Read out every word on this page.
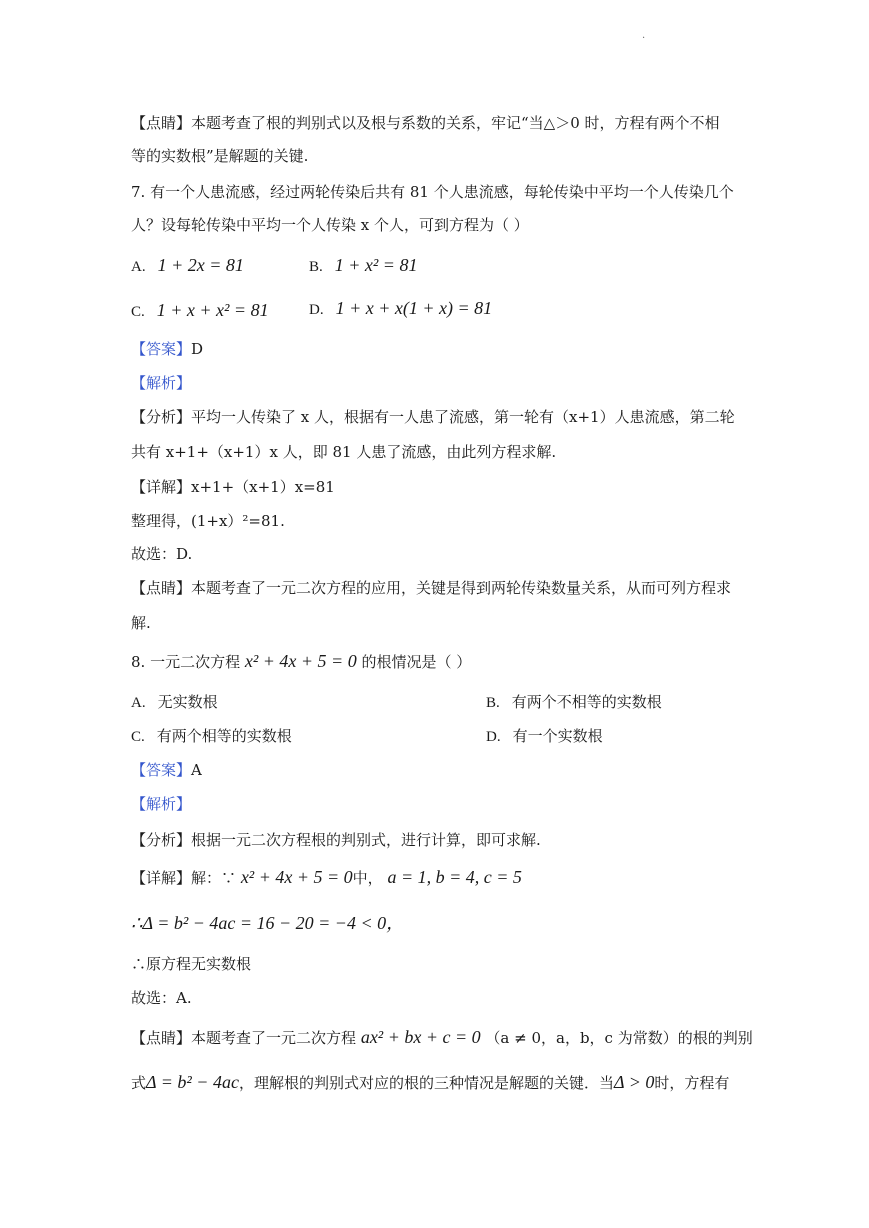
.
【点睛】本题考查了根的判别式以及根与系数的关系，牢记“当△＞0 时，方程有两个不相
等的实数根”是解题的关键.
7. 有一个人患流感，经过两轮传染后共有 81 个人患流感，每轮传染中平均一个人传染几个
人？设每轮传染中平均一个人传染 x 个人，可到方程为（ ）
A. 1 + 2x = 81	B. 1 + x² = 81
C. 1 + x + x² = 81	D. 1 + x + x(1 + x) = 81
【答案】D
【解析】
【分析】平均一人传染了 x 人，根据有一人患了流感，第一轮有（x+1）人患流感，第二轮
共有 x+1+（x+1）x 人，即 81 人患了流感，由此列方程求解.
【详解】x+1+（x+1）x=81
整理得，(1+x）²=81.
故选：D.
【点睛】本题考查了一元二次方程的应用，关键是得到两轮传染数量关系，从而可列方程求
解.
8. 一元二次方程 x² + 4x + 5 = 0 的根情况是（ ）
A. 无实数根	B. 有两个不相等的实数根
C. 有两个相等的实数根	D. 有一个实数根
【答案】A
【解析】
【分析】根据一元二次方程根的判别式，进行计算，即可求解.
【详解】解：∵ x² + 4x + 5 = 0中， a = 1, b = 4, c = 5
∴Δ = b² − 4ac = 16 − 20 = −4 < 0，
∴原方程无实数根
故选：A.
【点睛】本题考查了一元二次方程 ax² + bx + c = 0 （a ≠ 0，a，b，c 为常数）的根的判别
式Δ = b² − 4ac，理解根的判别式对应的根的三种情况是解题的关键．当Δ > 0时，方程有
